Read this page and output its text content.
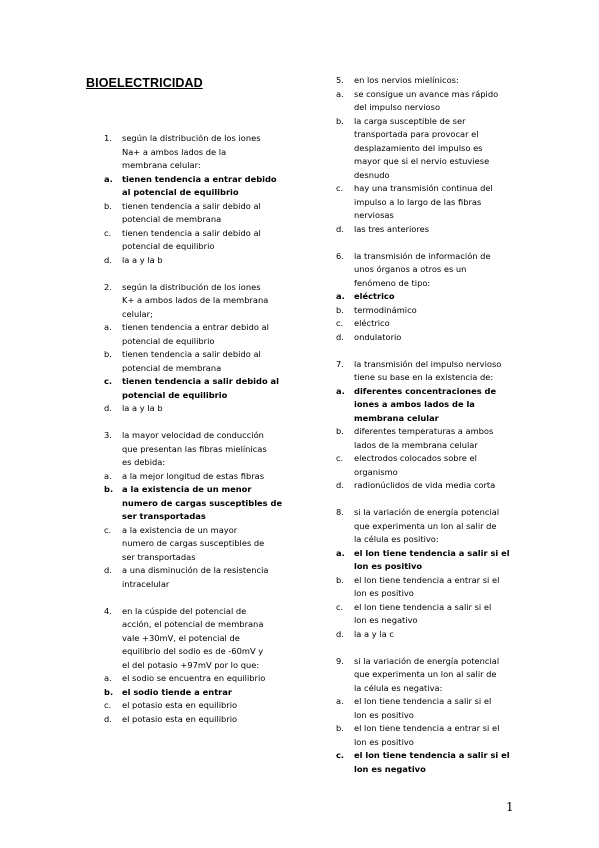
BIOELECTRICIDAD
1. según la distribución de los iones
Na+ a ambos lados de la
membrana celular:
a. tienen tendencia a entrar debido
al potencial de equilibrio
b. tienen tendencia a salir debido al
potencial de membrana
c. tienen tendencia a salir debido al
potencial de equilibrio
d. la a y la b
2. según la distribución de los iones
K+ a ambos lados de la membrana
celular;
a. tienen tendencia a entrar debido al
potencial de equilibrio
b. tienen tendencia a salir debido al
potencial de membrana
c. tienen tendencia a salir debido al
potencial de equilibrio
d. la a y la b
3. la mayor velocidad de conducción
que presentan las fibras mielínicas
es debida:
a. a la mejor longitud de estas fibras
b. a la existencia de un menor
numero de cargas susceptibles de
ser transportadas
c. a la existencia de un mayor
numero de cargas susceptibles de
ser transportadas
d. a una disminución de la resistencia
intracelular
4. en la cúspide del potencial de
acción, el potencial de membrana
vale +30mV, el potencial de
equilibrio del sodio es de -60mV y
el del potasio +97mV por lo que:
a. el sodio se encuentra en equilibrio
b. el sodio tiende a entrar
c. el potasio esta en equilibrio
d. el potasio esta en equilibrio
5. en los nervios mielínicos:
a. se consigue un avance mas rápido
del impulso nervioso
b. la carga susceptible de ser
transportada para provocar el
desplazamiento del impulso es
mayor que si el nervio estuviese
desnudo
c. hay una transmisión continua del
impulso a lo largo de las fibras
nerviosas
d. las tres anteriores
6. la transmisión de información de
unos órganos a otros es un
fenómeno de tipo:
a. eléctrico
b. termodinámico
c. eléctrico
d. ondulatorio
7. la transmisión del impulso nervioso
tiene su base en la existencia de:
a. diferentes concentraciones de
iones a ambos lados de la
membrana celular
b. diferentes temperaturas a ambos
lados de la membrana celular
c. electrodos colocados sobre el
organismo
d. radionúclidos de vida media corta
8. si la variación de energía potencial
que experimenta un lon al salir de
la célula es positivo:
a. el lon tiene tendencia a salir si el
lon es positivo
b. el lon tiene tendencia a entrar si el
lon es positivo
c. el lon tiene tendencia a salir si el
lon es negativo
d. la a y la c
9. si la variación de energía potencial
que experimenta un lon al salir de
la célula es negativa:
a. el lon tiene tendencia a salir si el
lon es positivo
b. el lon tiene tendencia a entrar si el
lon es positivo
c. el lon tiene tendencia a salir si el
lon es negativo
1
